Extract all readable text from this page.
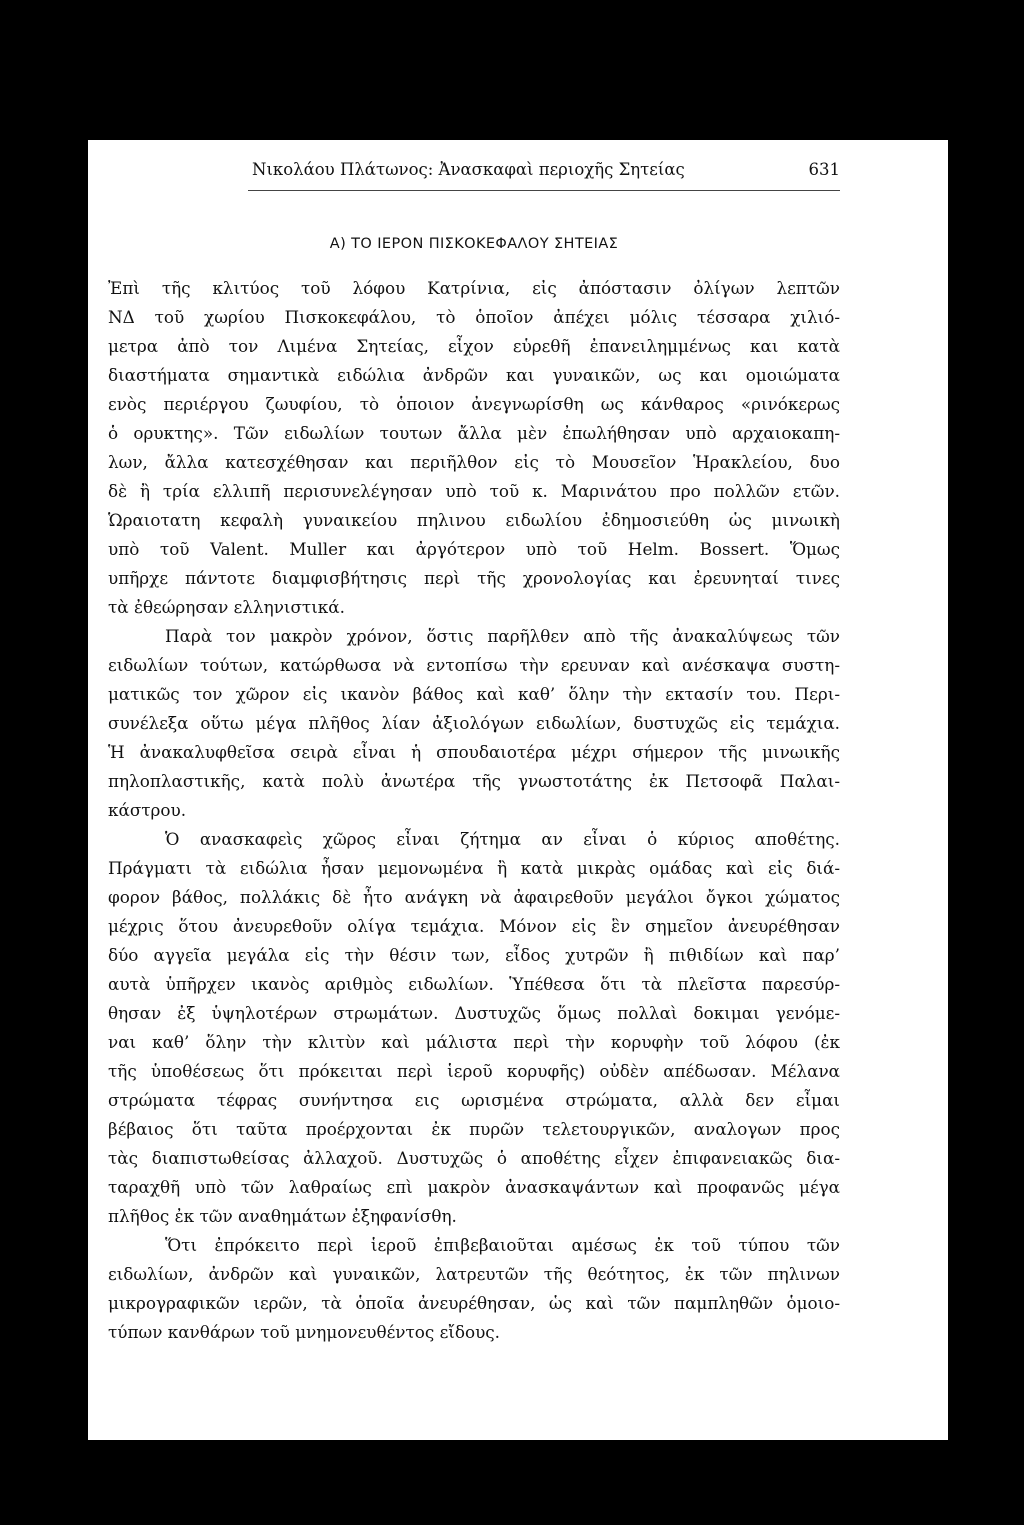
Νικολάου Πλάτωνος: Ἀνασκαφαὶ περιοχῆς Σητείας	631
Α) ΤΟ ΙΕΡΟΝ ΠΙΣΚΟΚΕΦΑΛΟΥ ΣΗΤΕΙΑΣ
Ἐπὶ τῆς κλιτύος τοῦ λόφου Κατρίνια, εἰς ἀπόστασιν ὀλίγων λεπτῶν
ΝΔ τοῦ χωρίου Πισκοκεφάλου, τὸ ὁποῖον ἀπέχει μόλις τέσσαρα χιλιό-
μετρα ἀπὸ τον Λιμένα Σητείας, εἶχον εὑρεθῆ ἐπανειλημμένως και κατὰ
διαστήματα σημαντικὰ ειδώλια ἀνδρῶν και γυναικῶν, ως και ομοιώματα
ενὸς περιέργου ζωυφίου, τὸ ὁποιον ἀνεγνωρίσθη ως κάνθαρος «ρινόκερως
ὁ ορυκτης». Τῶν ειδωλίων τουτων ἄλλα μὲν ἐπωλήθησαν υπὸ αρχαιοκαπη-
λων, ἄλλα κατεσχέθησαν και περιῆλθον εἰς τὸ Μουσεῖον Ἡρακλείου, δυο
δὲ ἢ τρία ελλιπῆ περισυνελέγησαν υπὸ τοῦ κ. Μαρινάτου προ πολλῶν ετῶν.
Ὡραιοτατη κεφαλὴ γυναικείου πηλινου ειδωλίου ἐδημοσιεύθη ὡς μινωικὴ
υπὸ τοῦ Valent. Muller και ἀργότερον υπὸ τοῦ Helm. Bossert. Ὅμως
υπῆρχε πάντοτε διαμφισβήτησις περὶ τῆς χρονολογίας και ἐρευνηταί τινες
τὰ ἐθεώρησαν ελληνιστικά.
Παρὰ τον μακρὸν χρόνον, ὅστις παρῆλθεν απὸ τῆς ἀνακαλύψεως τῶν
ειδωλίων τούτων, κατώρθωσα νὰ εντοπίσω τὴν ερευναν καὶ ανέσκαψα συστη-
ματικῶς τον χῶρον εἰς ικανὸν βάθος καὶ καθ’ ὅλην τὴν εκτασίν του. Περι-
συνέλεξα οὕτω μέγα πλῆθος λίαν ἀξιολόγων ειδωλίων, δυστυχῶς εἰς τεμάχια.
Ἡ ἀνακαλυφθεῖσα σειρὰ εἶναι ἡ σπουδαιοτέρα μέχρι σήμερον τῆς μινωικῆς
πηλοπλαστικῆς, κατὰ πολὺ ἀνωτέρα τῆς γνωστοτάτης ἐκ Πετσοφᾶ Παλαι-
κάστρου.
Ὁ ανασκαφεὶς χῶρος εἶναι ζήτημα αν εἶναι ὁ κύριος αποθέτης.
Πράγματι τὰ ειδώλια ἦσαν μεμονωμένα ἢ κατὰ μικρὰς ομάδας καὶ εἰς διά-
φορον βάθος, πολλάκις δὲ ἦτο ανάγκη νὰ ἀφαιρεθοῦν μεγάλοι ὄγκοι χώματος
μέχρις ὅτου ἀνευρεθοῦν ολίγα τεμάχια. Μόνον εἰς ἓν σημεῖον ἀνευρέθησαν
δύο αγγεῖα μεγάλα εἰς τὴν θέσιν των, εἶδος χυτρῶν ἢ πιθιδίων καὶ παρ’
αυτὰ ὑπῆρχεν ικανὸς αριθμὸς ειδωλίων. Ὑπέθεσα ὅτι τὰ πλεῖστα παρεσύρ-
θησαν ἐξ ὑψηλοτέρων στρωμάτων. Δυστυχῶς ὅμως πολλαὶ δοκιμαι γενόμε-
ναι καθ’ ὅλην τὴν κλιτὺν καὶ μάλιστα περὶ τὴν κορυφὴν τοῦ λόφου (ἐκ
τῆς ὑποθέσεως ὅτι πρόκειται περὶ ἱεροῦ κορυφῆς) οὐδὲν απέδωσαν. Μέλανα
στρώματα τέφρας συνήντησα εις ωρισμένα στρώματα, αλλὰ δεν εἶμαι
βέβαιος ὅτι ταῦτα προέρχονται ἐκ πυρῶν τελετουργικῶν, αναλογων προς
τὰς διαπιστωθείσας ἀλλαχοῦ. Δυστυχῶς ὁ αποθέτης εἶχεν ἐπιφανειακῶς δια-
ταραχθῆ υπὸ τῶν λαθραίως επὶ μακρὸν ἀνασκαψάντων καὶ προφανῶς μέγα
πλῆθος ἐκ τῶν αναθημάτων ἐξηφανίσθη.
Ὅτι ἐπρόκειτο περὶ ἱεροῦ ἐπιβεβαιοῦται αμέσως ἐκ τοῦ τύπου τῶν
ειδωλίων, ἀνδρῶν καὶ γυναικῶν, λατρευτῶν τῆς θεότητος, ἐκ τῶν πηλινων
μικρογραφικῶν ιερῶν, τὰ ὁποῖα ἀνευρέθησαν, ὡς καὶ τῶν παμπληθῶν ὁμοιο-
τύπων κανθάρων τοῦ μνημονευθέντος εἴδους.
